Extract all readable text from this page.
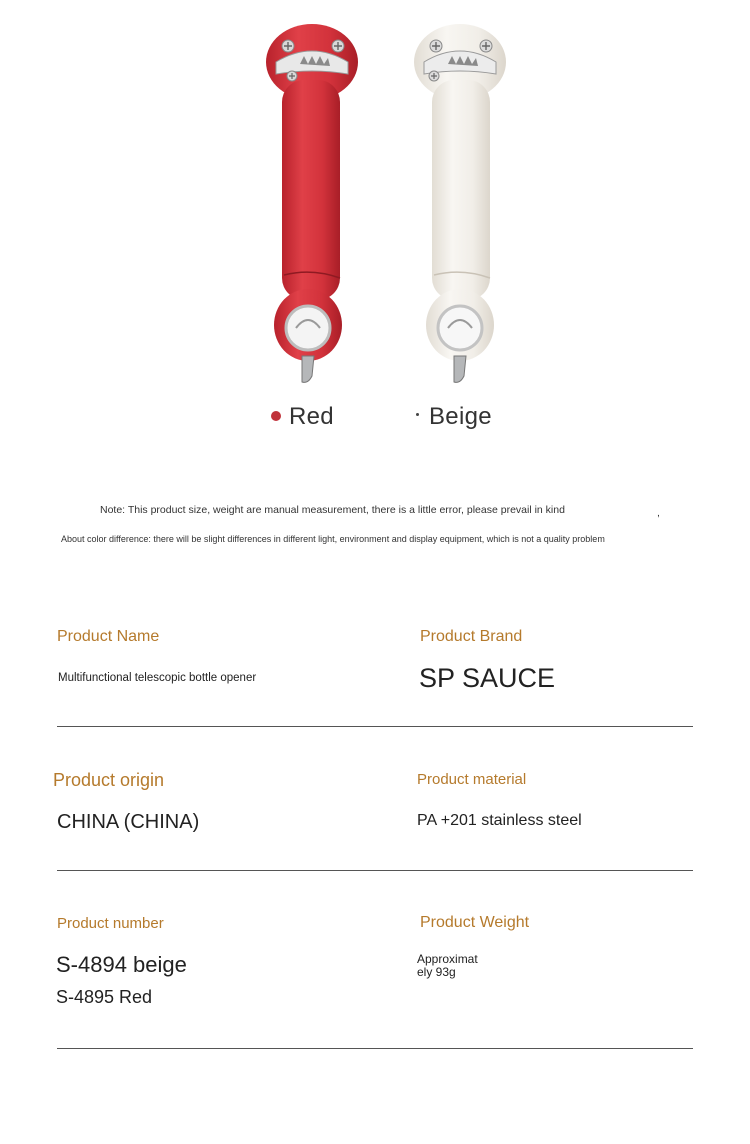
Red	Beige
Note: This product size, weight are manual measurement, there is a little error, please prevail in kind	,
About color difference: there will be slight differences in different light, environment and display equipment, which is not a quality problem
Product Name
Multifunctional telescopic bottle opener
Product Brand
SP SAUCE
Product origin
CHINA (CHINA)
Product material
PA +201 stainless steel
Product number
S-4894 beige
S-4895 Red
Product Weight
Approximat
ely 93g
